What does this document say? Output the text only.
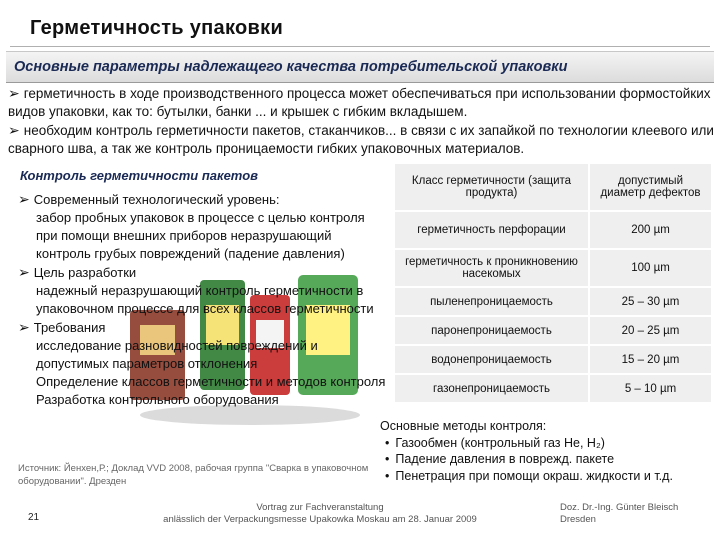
Герметичность упаковки
Основные параметры надлежащего качества потребительской упаковки

➢ герметичность в ходе производственного процесса может обеспечиваться при использовании формостойких видов упаковки, как то: бутылки, банки ... и крышек с гибким вкладышем.

➢ необходим контроль герметичности пакетов, стаканчиков... в связи с их запайкой по технологии клеевого или сварного шва, а так же контроль проницаемости гибких упаковочных материалов.

Контроль герметичности пакетов

➢ Современный технологический уровень:

забор пробных упаковок в процессе с целью контроля при помощи внешних приборов неразрушающий контроль грубых повреждений (падение давления)

➢ Цель разработки

надежный неразрушающий контроль герметичности в упаковочном процессе для всех классов герметичности

➢ Требования

исследование разновидностей повреждений и допустимых параметров отклонения

Определение классов герметичности и методов контроля

Разработка контрольного оборудования

Источник: Йенхен,Р.; Доклад VVD 2008, рабочая группа "Сварка в упаковочном оборудовании". Дрезден
Класс герметичности (защита продукта)	допустимый диаметр дефектов
герметичность перфорации	200 µm
герметичность к проникновению насекомых	100 µm
пыленепроницаемость	25 – 30 µm
паронепроницаемость	20 – 25 µm
водонепроницаемость	15 – 20 µm
газонепроницаемость	5 – 10 µm

Основные методы контроля:

• Газообмен (контрольный газ He, H₂)
• Падение давления в поврежд. пакете
• Пенетрация при помощи окраш. жидкости и т.д.
21
Vortrag zur Fachveranstaltung
anlässlich der Verpackungsmesse Upakowka Moskau am 28. Januar 2009
Doz. Dr.-Ing. Günter Bleisch
Dresden
